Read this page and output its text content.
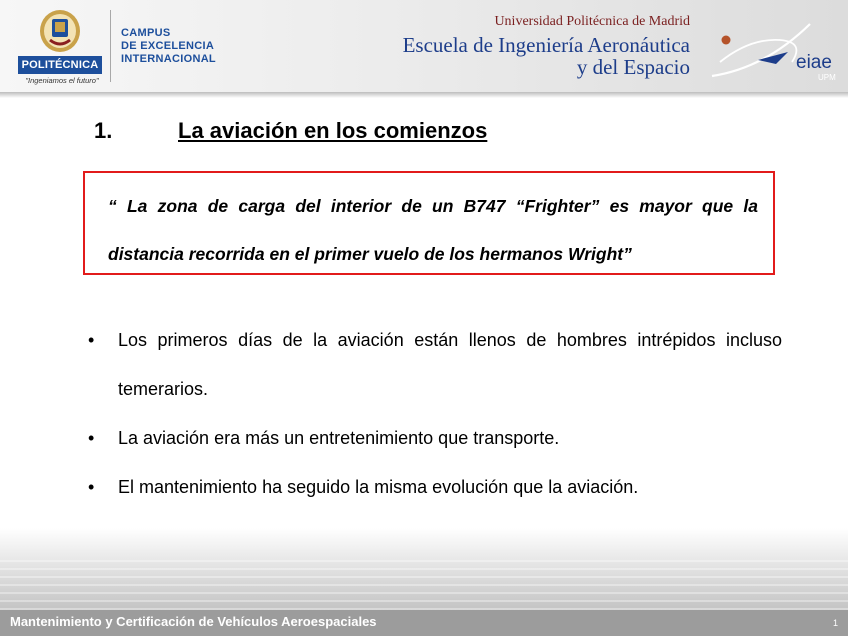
POLITÉCNICA
"Ingeniamos el futuro"
CAMPUS
DE EXCELENCIA
INTERNACIONAL
Universidad Politécnica de Madrid
Escuela de Ingeniería Aeronáutica
y del Espacio	eiae
UPM
1.	La aviación en los comienzos
“ La zona de carga del interior de un B747 “Frighter” es mayor que la distancia recorrida en el primer vuelo de los hermanos Wright”
• Los primeros días de la aviación están llenos de hombres intrépidos incluso temerarios.
• La aviación era más un entretenimiento que transporte.
• El mantenimiento ha seguido la misma evolución que la aviación.
Mantenimiento y Certificación de Vehículos Aeroespaciales	1
